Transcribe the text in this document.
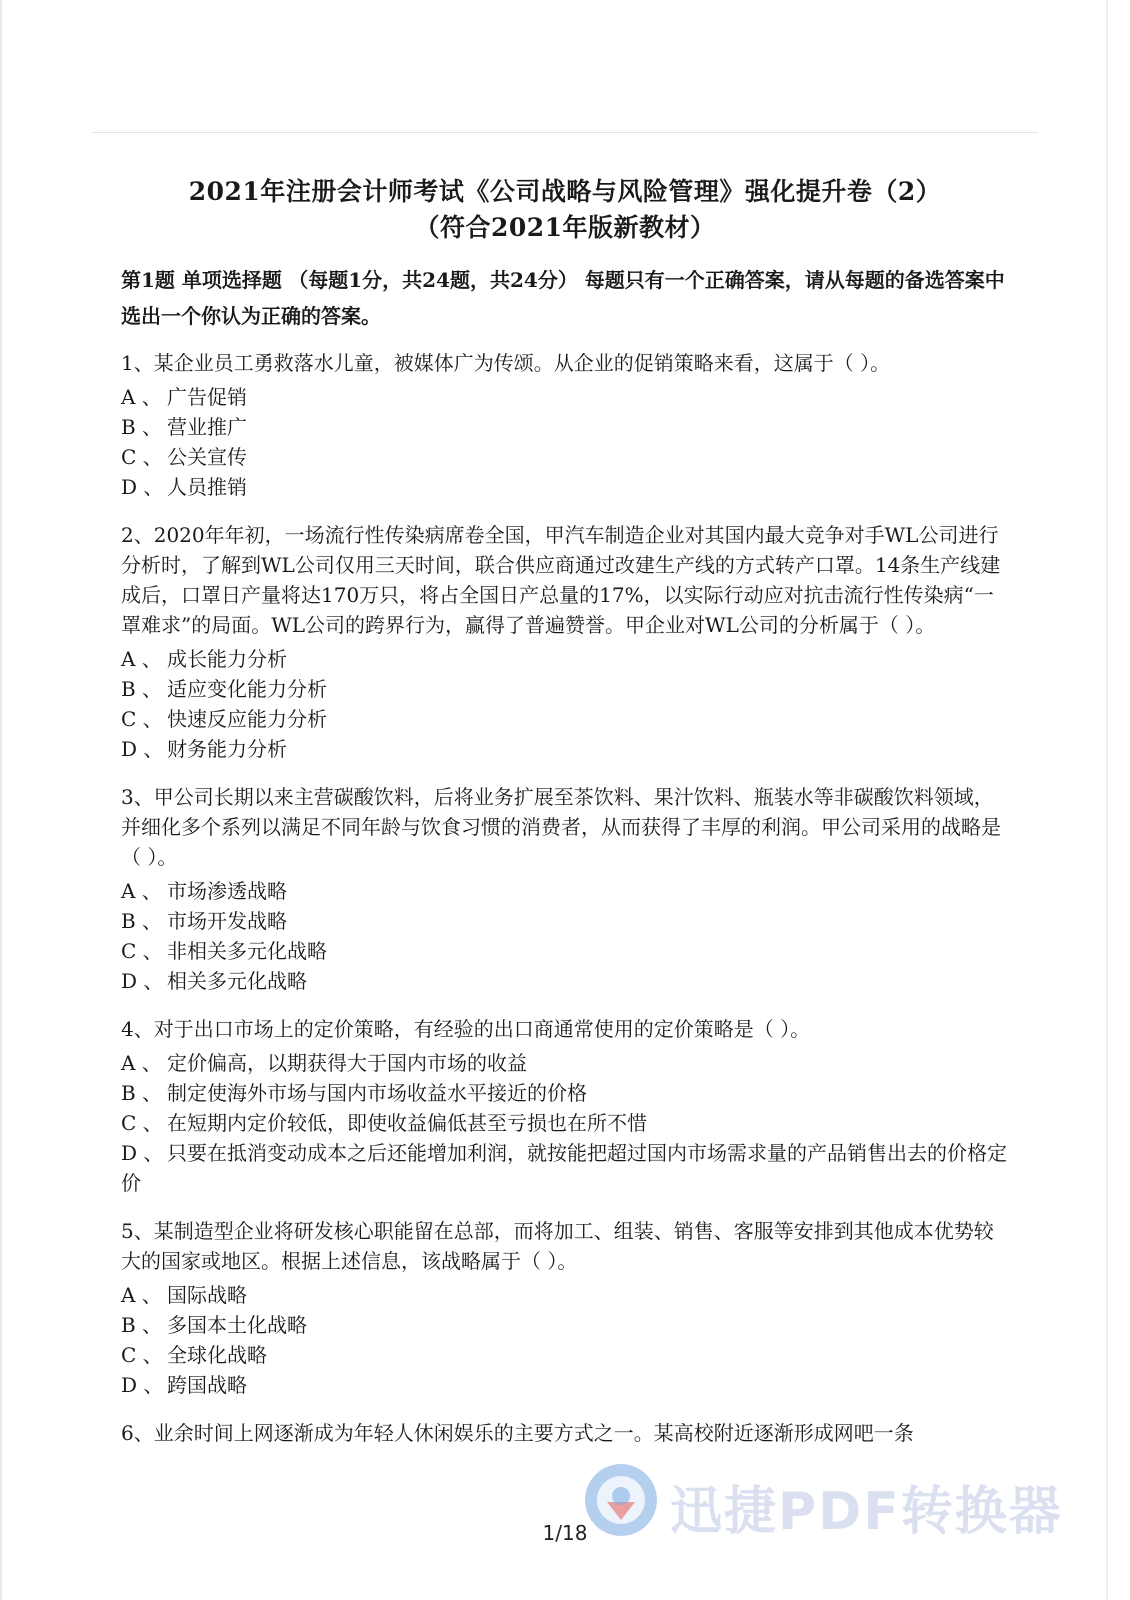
2021年注册会计师考试《公司战略与风险管理》强化提升卷（2）
（符合2021年版新教材）

第1题 单项选择题 （每题1分，共24题，共24分） 每题只有一个正确答案，请从每题的备选答案中选出一个你认为正确的答案。

1、某企业员工勇救落水儿童，被媒体广为传颂。从企业的促销策略来看，这属于（ ）。

A 、 广告促销
B 、 营业推广
C 、 公关宣传
D 、 人员推销

2、2020年年初，一场流行性传染病席卷全国，甲汽车制造企业对其国内最大竞争对手WL公司进行分析时，了解到WL公司仅用三天时间，联合供应商通过改建生产线的方式转产口罩。14条生产线建成后，口罩日产量将达170万只，将占全国日产总量的17%，以实际行动应对抗击流行性传染病“一罩难求”的局面。WL公司的跨界行为，赢得了普遍赞誉。甲企业对WL公司的分析属于（ ）。

A 、 成长能力分析
B 、 适应变化能力分析
C 、 快速反应能力分析
D 、 财务能力分析

3、甲公司长期以来主营碳酸饮料，后将业务扩展至茶饮料、果汁饮料、瓶装水等非碳酸饮料领域，并细化多个系列以满足不同年龄与饮食习惯的消费者，从而获得了丰厚的利润。甲公司采用的战略是（ ）。

A 、 市场渗透战略
B 、 市场开发战略
C 、 非相关多元化战略
D 、 相关多元化战略

4、对于出口市场上的定价策略，有经验的出口商通常使用的定价策略是（ ）。

A 、 定价偏高，以期获得大于国内市场的收益
B 、 制定使海外市场与国内市场收益水平接近的价格
C 、 在短期内定价较低，即使收益偏低甚至亏损也在所不惜
D 、 只要在抵消变动成本之后还能增加利润，就按能把超过国内市场需求量的产品销售出去的价格定价

5、某制造型企业将研发核心职能留在总部，而将加工、组装、销售、客服等安排到其他成本优势较大的国家或地区。根据上述信息，该战略属于（ ）。

A 、 国际战略
B 、 多国本土化战略
C 、 全球化战略
D 、 跨国战略

6、业余时间上网逐渐成为年轻人休闲娱乐的主要方式之一。某高校附近逐渐形成网吧一条

1/18	迅捷PDF转换器
